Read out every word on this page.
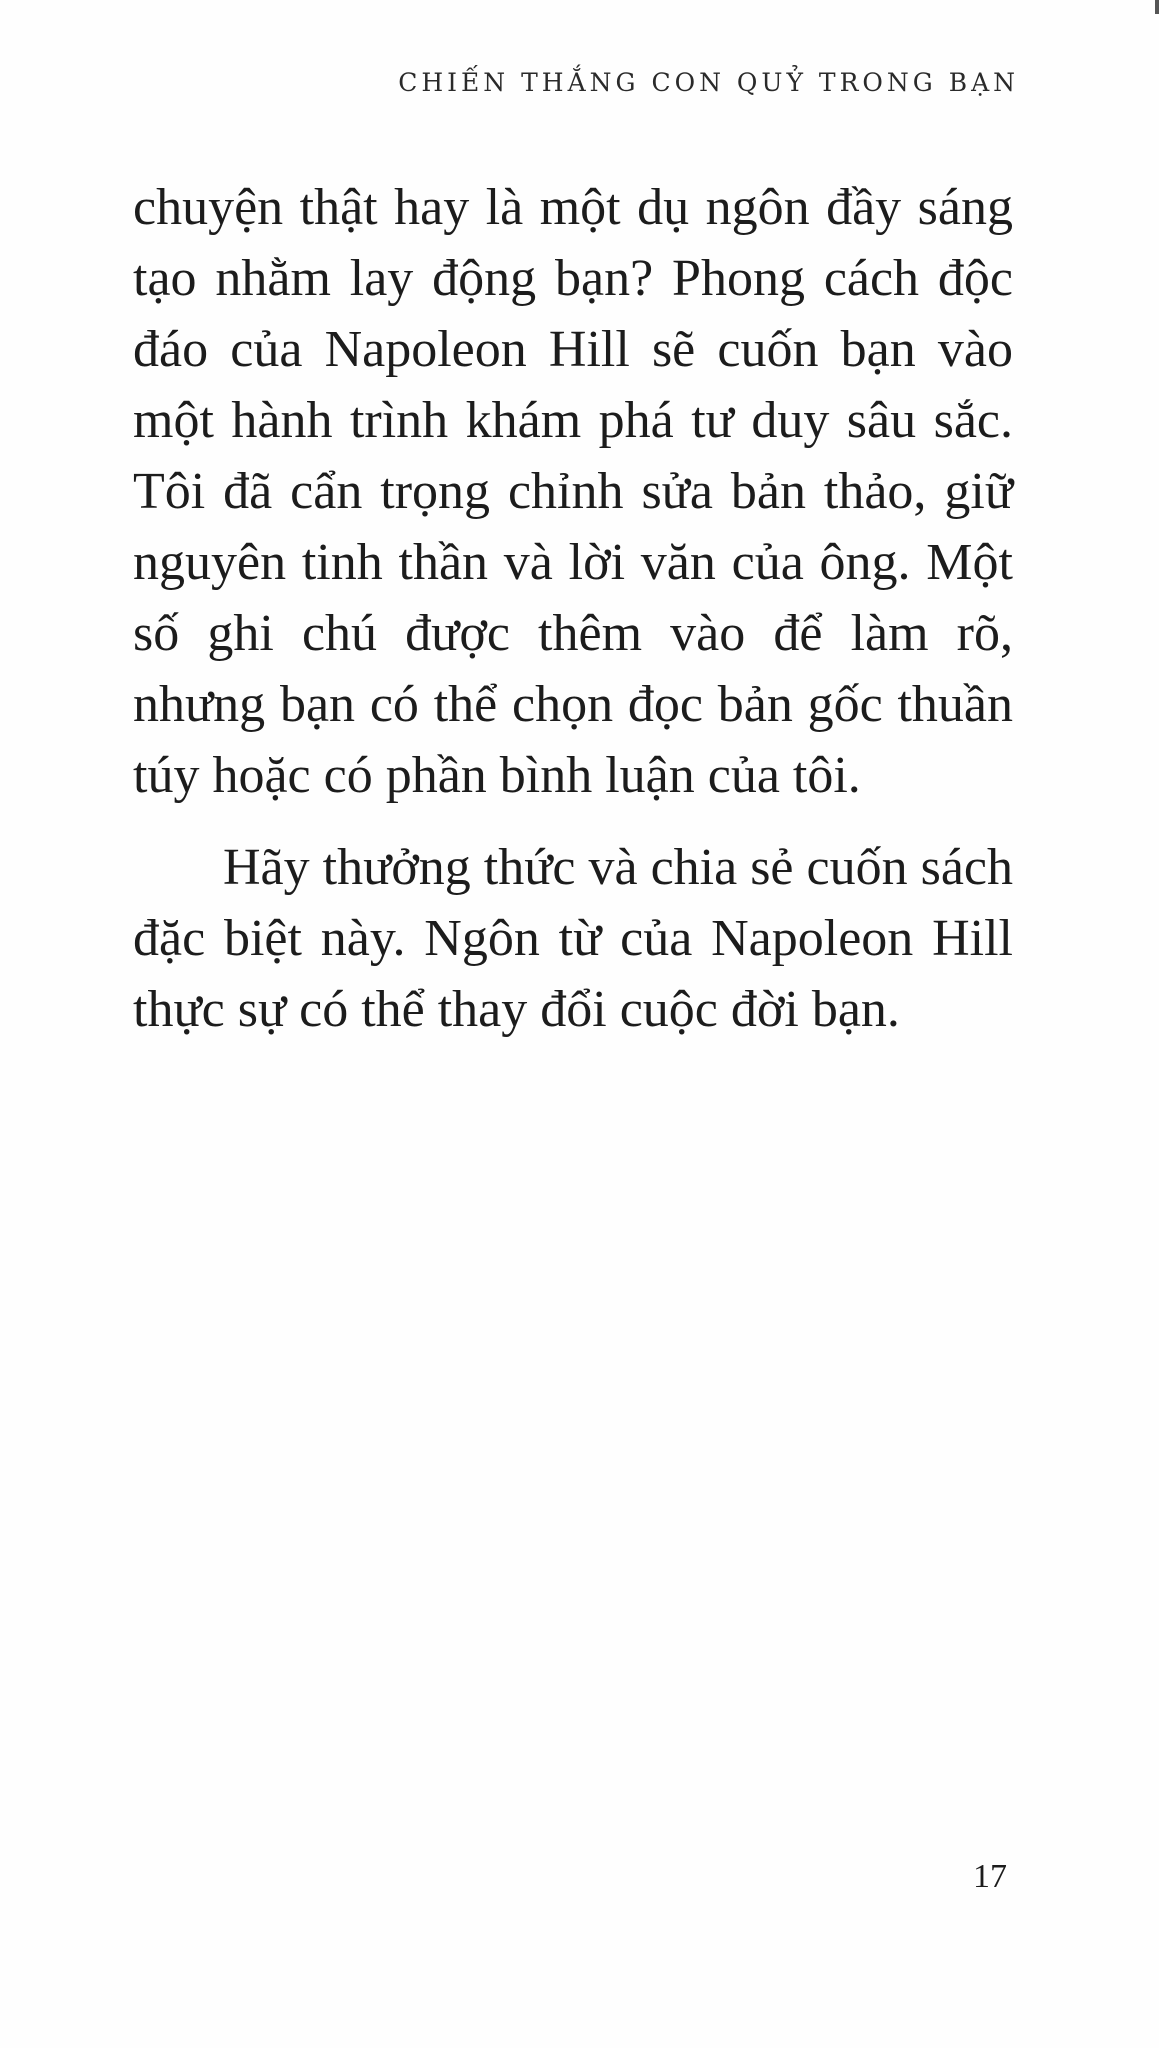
CHIẾN THẮNG CON QUỶ TRONG BẠN

chuyện thật hay là một dụ ngôn đầy sáng tạo nhằm lay động bạn? Phong cách độc đáo của Napoleon Hill sẽ cuốn bạn vào một hành trình khám phá tư duy sâu sắc. Tôi đã cẩn trọng chỉnh sửa bản thảo, giữ nguyên tinh thần và lời văn của ông. Một số ghi chú được thêm vào để làm rõ, nhưng bạn có thể chọn đọc bản gốc thuần túy hoặc có phần bình luận của tôi.

Hãy thưởng thức và chia sẻ cuốn sách đặc biệt này. Ngôn từ của Napoleon Hill thực sự có thể thay đổi cuộc đời bạn.

17
